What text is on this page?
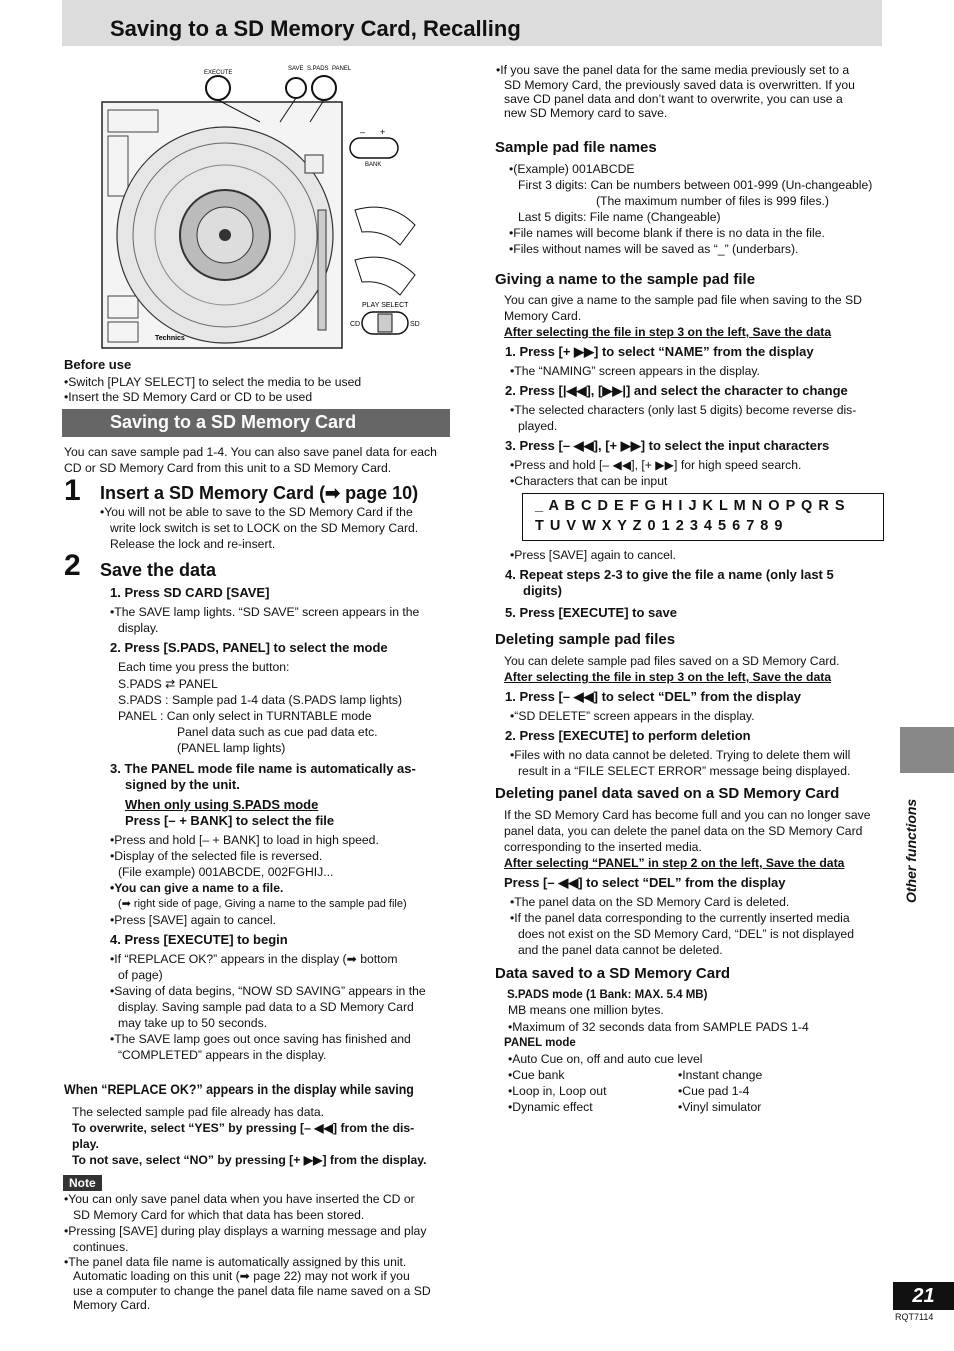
Saving to a SD Memory Card, Recalling
EXECUTE
SAVE S.PADS PANEL
– +
BANK
PLAY SELECT
CD	SD
Technics
Before use
•Switch [PLAY SELECT] to select the media to be used
•Insert the SD Memory Card or CD to be used
Saving to a SD Memory Card
You can save sample pad 1-4. You can also save panel data for each
CD or SD Memory Card from this unit to a SD Memory Card.
1 Insert a SD Memory Card (➡ page 10)
•You will not be able to save to the SD Memory Card if the
write lock switch is set to LOCK on the SD Memory Card.
Release the lock and re-insert.
2 Save the data
1. Press SD CARD [SAVE]
•The SAVE lamp lights. “SD SAVE” screen appears in the
display.
2. Press [S.PADS, PANEL] to select the mode
Each time you press the button:
S.PADS ⇄ PANEL
S.PADS : Sample pad 1-4 data (S.PADS lamp lights)
PANEL : Can only select in TURNTABLE mode
Panel data such as cue pad data etc.
(PANEL lamp lights)
3. The PANEL mode file name is automatically as-
signed by the unit.
When only using S.PADS mode
Press [– + BANK] to select the file
•Press and hold [– + BANK] to load in high speed.
•Display of the selected file is reversed.
(File example) 001ABCDE, 002FGHIJ...
•You can give a name to a file.
(➡ right side of page, Giving a name to the sample pad file)
•Press [SAVE] again to cancel.
4. Press [EXECUTE] to begin
•If “REPLACE OK?” appears in the display (➡ bottom
of page)
•Saving of data begins, “NOW SD SAVING” appears in the
display. Saving sample pad data to a SD Memory Card
may take up to 50 seconds.
•The SAVE lamp goes out once saving has finished and
“COMPLETED” appears in the display.
When “REPLACE OK?” appears in the display while saving
The selected sample pad file already has data.
To overwrite, select “YES” by pressing [– ◀◀] from the dis-
play.
To not save, select “NO” by pressing [+ ▶▶] from the display.
Note
•You can only save panel data when you have inserted the CD or
SD Memory Card for which that data has been stored.
•Pressing [SAVE] during play displays a warning message and play
continues.
•The panel data file name is automatically assigned by this unit.
Automatic loading on this unit (➡ page 22) may not work if you
use a computer to change the panel data file name saved on a SD
Memory Card.
•If you save the panel data for the same media previously set to a
SD Memory Card, the previously saved data is overwritten. If you
save CD panel data and don’t want to overwrite, you can use a
new SD Memory card to save.
Sample pad file names
•(Example) 001ABCDE
First 3 digits: Can be numbers between 001-999 (Un-changeable)
(The maximum number of files is 999 files.)
Last 5 digits: File name (Changeable)
•File names will become blank if there is no data in the file.
•Files without names will be saved as “_” (underbars).
Giving a name to the sample pad file
You can give a name to the sample pad file when saving to the SD
Memory Card.
After selecting the file in step 3 on the left, Save the data
1. Press [+ ▶▶] to select “NAME” from the display
•The “NAMING” screen appears in the display.
2. Press [|◀◀], [▶▶|] and select the character to change
•The selected characters (only last 5 digits) become reverse dis-
played.
3. Press [– ◀◀], [+ ▶▶] to select the input characters
•Press and hold [– ◀◀], [+ ▶▶] for high speed search.
•Characters that can be input
_ A B C D E F G H I J K L M N O P Q R S
T U V W X Y Z 0 1 2 3 4 5 6 7 8 9
•Press [SAVE] again to cancel.
4. Repeat steps 2-3 to give the file a name (only last 5
digits)
5. Press [EXECUTE] to save
Deleting sample pad files
You can delete sample pad files saved on a SD Memory Card.
After selecting the file in step 3 on the left, Save the data
1. Press [– ◀◀] to select “DEL” from the display
•“SD DELETE” screen appears in the display.
2. Press [EXECUTE] to perform deletion
•Files with no data cannot be deleted. Trying to delete them will
result in a “FILE SELECT ERROR” message being displayed.
Deleting panel data saved on a SD Memory Card
If the SD Memory Card has become full and you can no longer save
panel data, you can delete the panel data on the SD Memory Card
corresponding to the inserted media.
After selecting “PANEL” in step 2 on the left, Save the data
Press [– ◀◀] to select “DEL” from the display
•The panel data on the SD Memory Card is deleted.
•If the panel data corresponding to the currently inserted media
does not exist on the SD Memory Card, “DEL” is not displayed
and the panel data cannot be deleted.
Data saved to a SD Memory Card
S.PADS mode (1 Bank: MAX. 5.4 MB)
MB means one million bytes.
•Maximum of 32 seconds data from SAMPLE PADS 1-4
PANEL mode
•Auto Cue on, off and auto cue level
•Cue bank
•Loop in, Loop out
•Dynamic effect
•Instant change
•Cue pad 1-4
•Vinyl simulator
Other functions
21
RQT7114
